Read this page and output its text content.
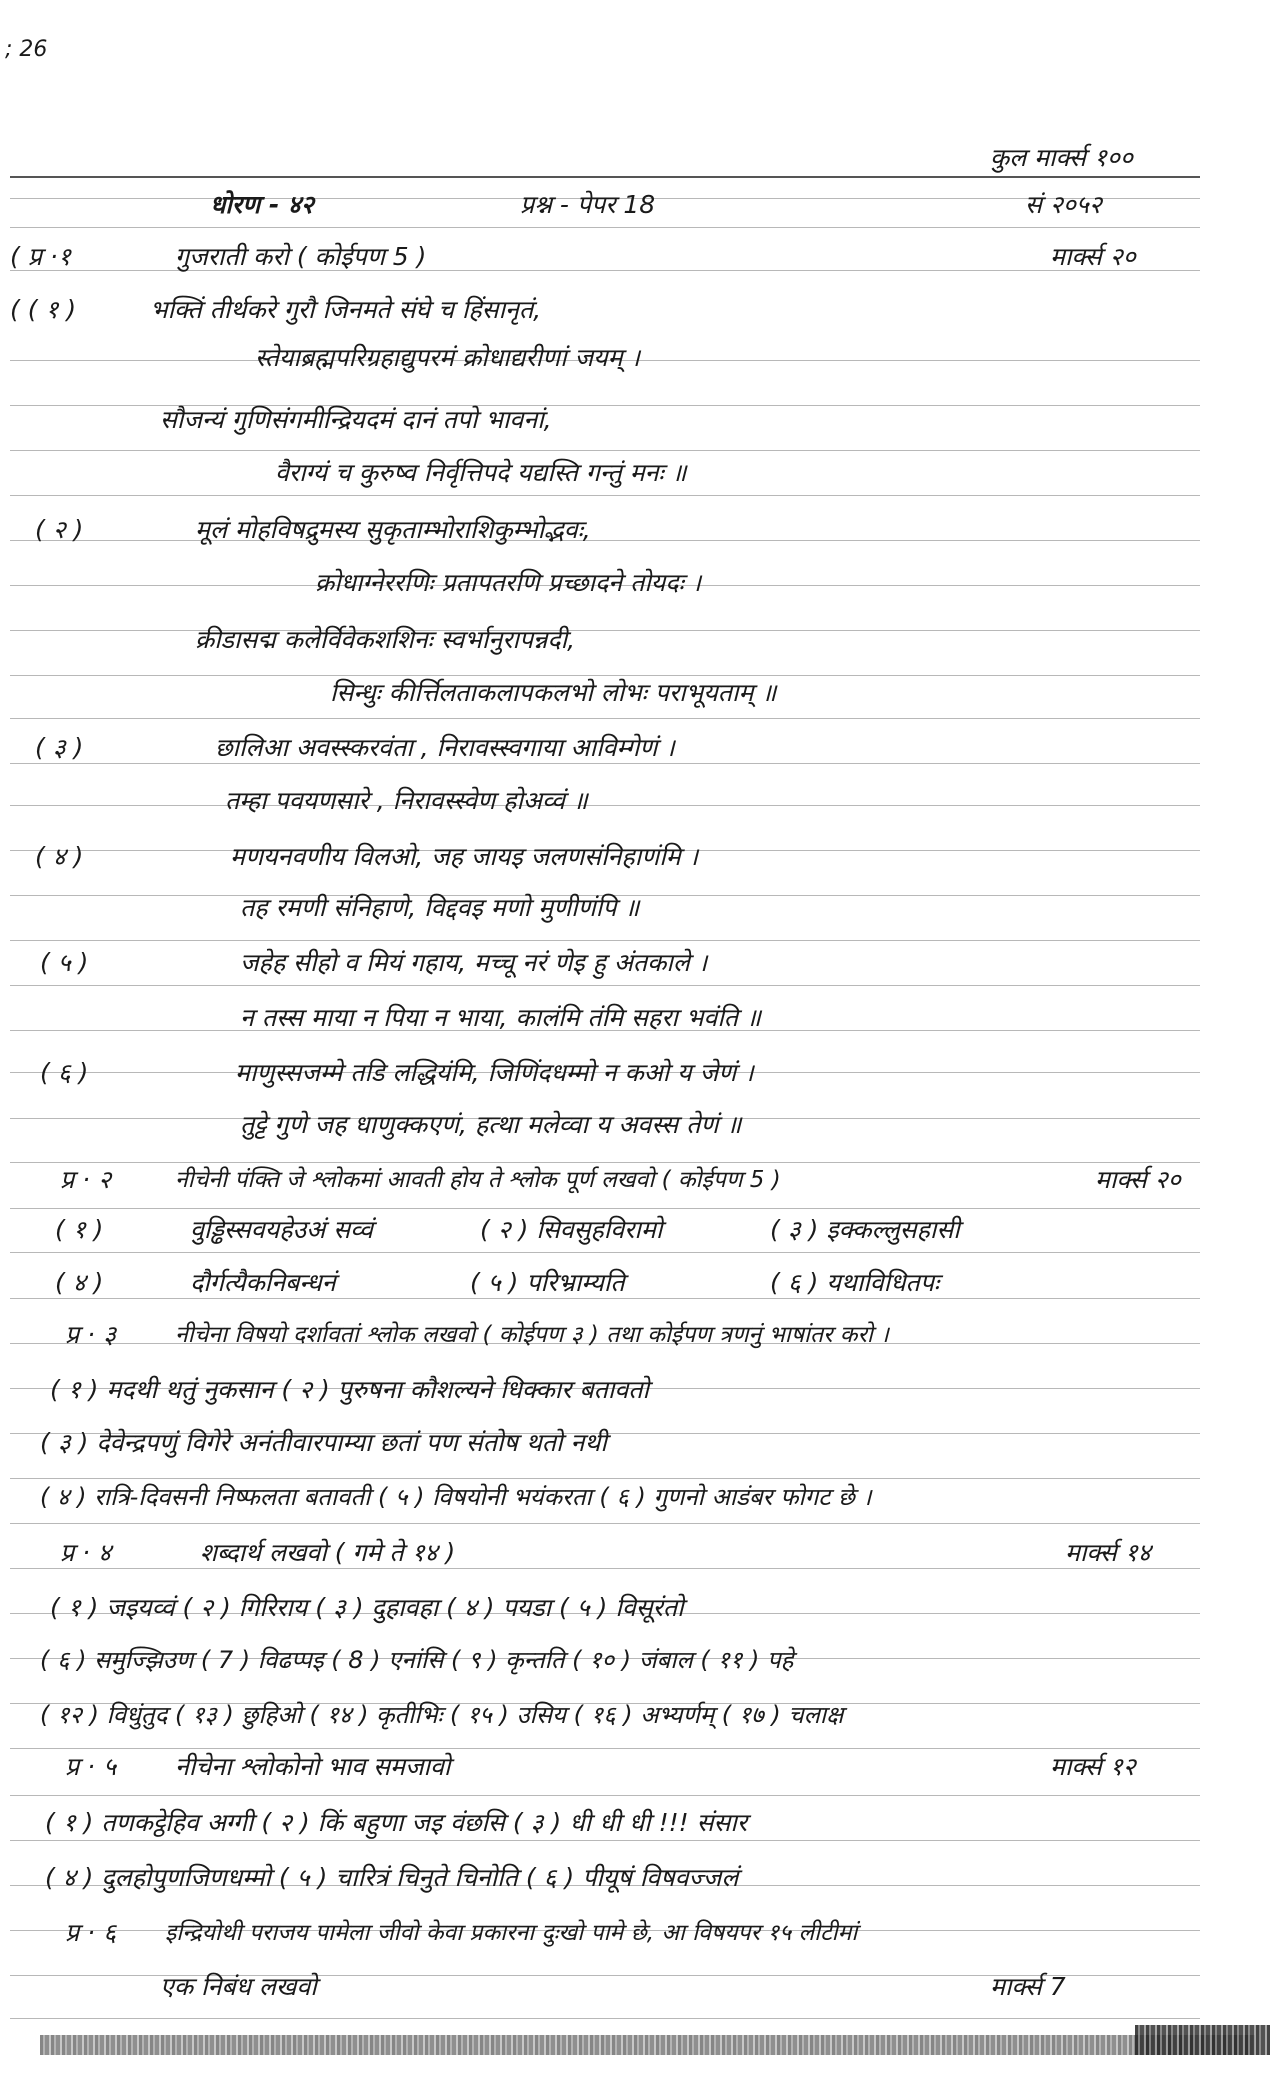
; 26
कुल मार्क्स १००
धोरण - ४२	प्रश्न - पेपर 18	सं २०५२
( प्र ·१	गुजराती करो ( कोईपण 5 )	मार्क्स २०
( ( १ )	भक्तिं तीर्थकरे गुरौ जिनमते संघे च हिंसानृतं,
स्तेयाब्रह्मपरिग्रहाद्युपरमं क्रोधाद्यरीणां जयम् ।
सौजन्यं गुणिसंगमीन्द्रियदमं दानं तपो भावनां,
वैराग्यं च कुरुष्व निर्वृत्तिपदे यद्यस्ति गन्तुं मनः ॥
( २ )	मूलं मोहविषद्रुमस्य सुकृताम्भोराशिकुम्भोद्भवः,
क्रोधाग्नेररणिः प्रतापतरणि प्रच्छादने तोयदः ।
क्रीडासद्म कलेर्विवेकशशिनः स्वर्भानुरापन्नदी,
सिन्धुः कीर्त्तिलताकलापकलभो लोभः पराभूयताम् ॥
( ३ )	छालिआ अवस्स्करवंता , निरावस्स्वगाया आविम्गेणं ।
तम्हा पवयणसारे , निरावस्स्वेण होअव्वं ॥
( ४ )	मणयनवणीय विलओ, जह जायइ जलणसंनिहाणंमि ।
तह रमणी संनिहाणे, विद्दवइ मणो मुणीणंपि ॥
( ५ )	जहेह सीहो व मियं गहाय, मच्चू नरं णेइ हु अंतकाले ।
न तस्स माया न पिया न भाया, कालंमि तंमि सहरा भवंति ॥
( ६ )	माणुस्सजम्मे तडि लद्धियंमि, जिणिंदधम्मो न कओ य जेणं ।
तुट्टे गुणे जह धाणुक्कएणं, हत्था मलेव्वा य अवस्स तेणं ॥
प्र · २	नीचेनी पंक्ति जे श्लोकमां आवती होय ते श्लोक पूर्ण लखवो ( कोईपण 5 )	मार्क्स २०
( १ )	वुड्ढिस्सवयहेउअं सव्वं	( २ ) सिवसुहविरामो	( ३ ) इक्कल्लुसहासी
( ४ )	दौर्गत्यैकनिबन्धनं	( ५ ) परिभ्राम्यति	( ६ ) यथाविधितपः
प्र · ३	नीचेना विषयो दर्शावतां श्लोक लखवो ( कोईपण ३ ) तथा कोईपण त्रणनुं भाषांतर करो ।
( १ ) मदथी थतुं नुकसान ( २ ) पुरुषना कौशल्यने धिक्कार बतावतो
( ३ ) देवेन्द्रपणुं विगेरे अनंतीवारपाम्या छतां पण संतोष थतो नथी
( ४ ) रात्रि-दिवसनी निष्फलता बतावती ( ५ ) विषयोनी भयंकरता ( ६ ) गुणनो आडंबर फोगट छे ।
प्र · ४	शब्दार्थ लखवो ( गमे ते १४ )	मार्क्स १४
( १ ) जइयव्वं ( २ ) गिरिराय ( ३ ) दुहावहा ( ४ ) पयडा ( ५ ) विसूरंतो
( ६ ) समुज्झिउण ( 7 ) विढप्पइ ( 8 ) एनांसि ( ९ ) कृन्तति ( १० ) जंबाल ( ११ ) पहे
( १२ ) विधुंतुद ( १३ ) छुहिओ ( १४ ) कृतीभिः ( १५ ) उसिय ( १६ ) अभ्यर्णम् ( १७ ) चलाक्ष
प्र · ५ नीचेना श्लोकोनो भाव समजावो	मार्क्स १२
( १ ) तणकट्ठेहिव अग्गी ( २ ) किं बहुणा जइ वंछसि ( ३ ) धी धी धी !!! संसार
( ४ ) दुलहोपुणजिणधम्मो ( ५ ) चारित्रं चिनुते चिनोति ( ६ ) पीयूषं विषवज्जलं
प्र · ६ इन्द्रियोथी पराजय पामेला जीवो केवा प्रकारना दुःखो पामे छे, आ विषयपर १५ लीटीमां
एक निबंध लखवो	मार्क्स 7
